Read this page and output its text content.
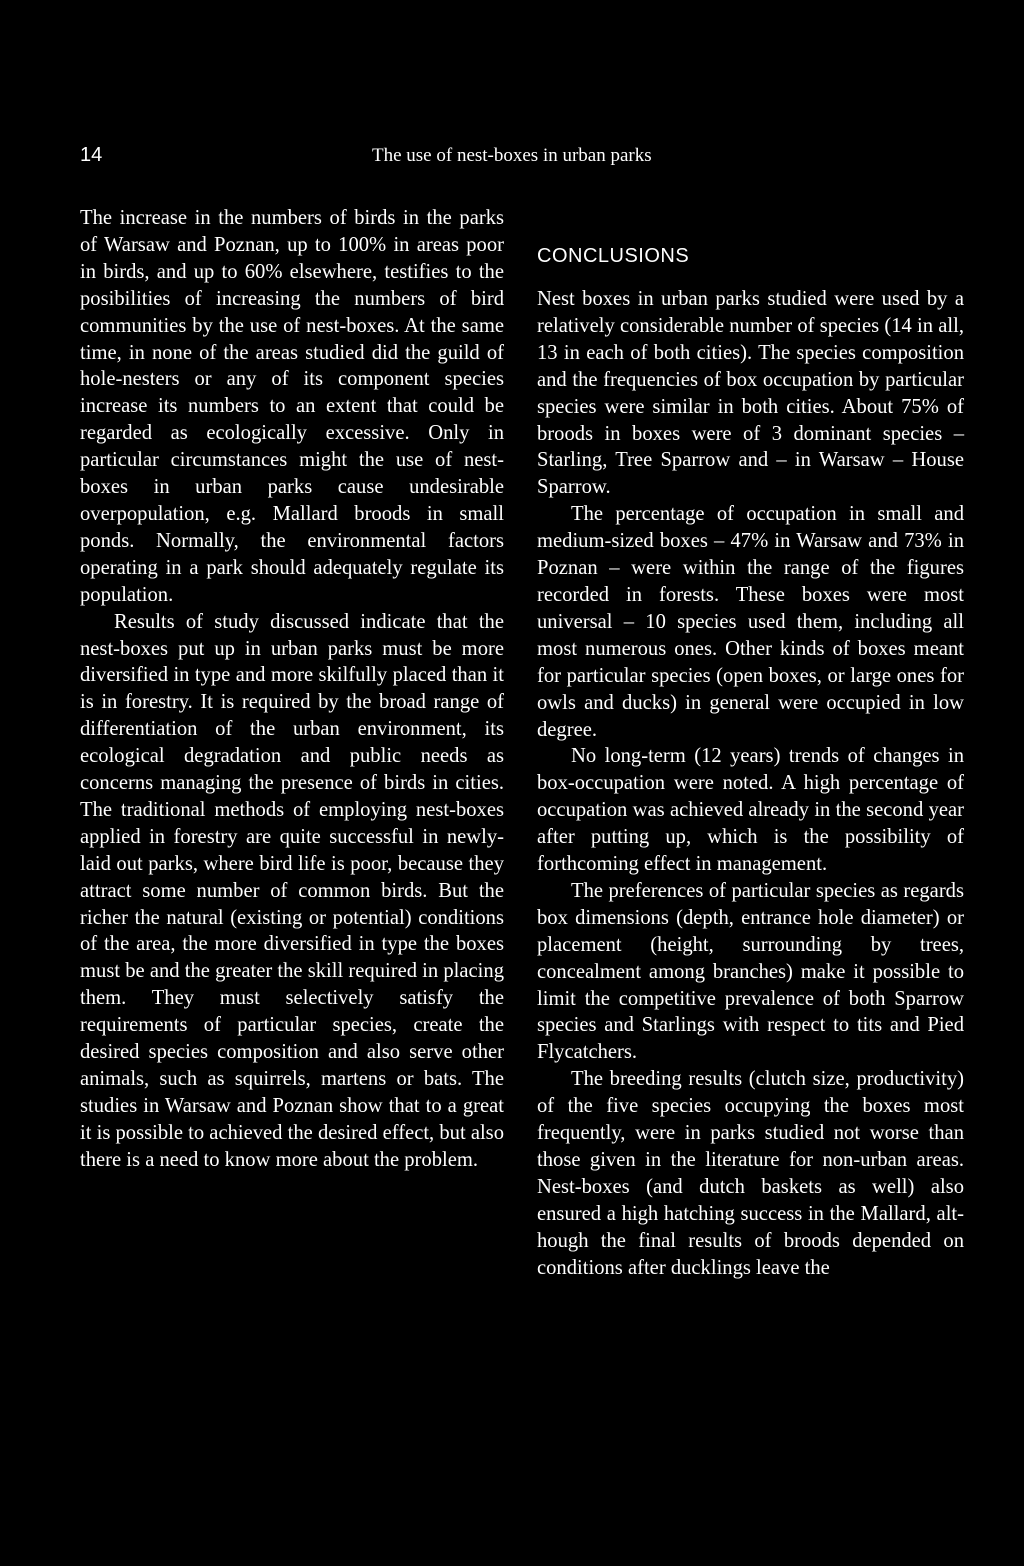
14	The use of nest-boxes in urban parks

The increase in the numbers of birds in the parks of Warsaw and Poznan, up to 100% in areas poor in birds, and up to 60% elsewhere, testifies to the posibilities of increasing the numbers of bird communities by the use of nest-boxes. At the same time, in none of the areas studied did the guild of hole-nesters or any of its component species increase its numbers to an extent that could be regarded as ecologically excessive. Only in particular circumstances might the use of nest-boxes in urban parks cause undesirable overpopulation, e.g. Mallard broods in small ponds. Normally, the environmental factors operating in a park should adequately regulate its population.

Results of study discussed indicate that the nest-boxes put up in urban parks must be more diversified in type and more skilfully placed than it is in forestry. It is required by the broad range of differentiation of the urban environment, its ecological degradation and public needs as concerns managing the presence of birds in cities. The traditional methods of employing nest-boxes applied in forestry are quite successful in newly-laid out parks, where bird life is poor, because they attract some number of common birds. But the richer the natural (existing or potential) conditions of the area, the more diversified in type the boxes must be and the greater the skill required in placing them. They must selectively satisfy the requirements of particular species, create the desired species composition and also serve other animals, such as squirrels, martens or bats. The studies in Warsaw and Poznan show that to a great it is possible to achieved the desired effect, but also there is a need to know more about the problem.

CONCLUSIONS

Nest boxes in urban parks studied were used by a relatively considerable number of species (14 in all, 13 in each of both cities). The species composition and the frequencies of box occupation by particular species were similar in both cities. About 75% of broods in boxes were of 3 dominant species – Starling, Tree Sparrow and – in Warsaw – House Sparrow.

The percentage of occupation in small and medium-sized boxes – 47% in Warsaw and 73% in Poznan – were within the range of the figures recorded in forests. These boxes were most universal – 10 species used them, including all most numerous ones. Other kinds of boxes meant for particular species (open boxes, or large ones for owls and ducks) in general were occupied in low degree.

No long-term (12 years) trends of changes in box-occupation were noted. A high percentage of occupation was achieved already in the second year after putting up, which is the possibility of forthcoming effect in management.

The preferences of particular species as regards box dimensions (depth, entrance hole diameter) or placement (height, surrounding by trees, concealment among branches) make it possible to limit the competitive prevalence of both Sparrow species and Starlings with respect to tits and Pied Flycatchers.

The breeding results (clutch size, productivity) of the five species occupying the boxes most frequently, were in parks studied not worse than those given in the literature for non-urban areas. Nest-boxes (and dutch baskets as well) also ensured a high hatching success in the Mallard, although the final results of broods depended on conditions after ducklings leave the
